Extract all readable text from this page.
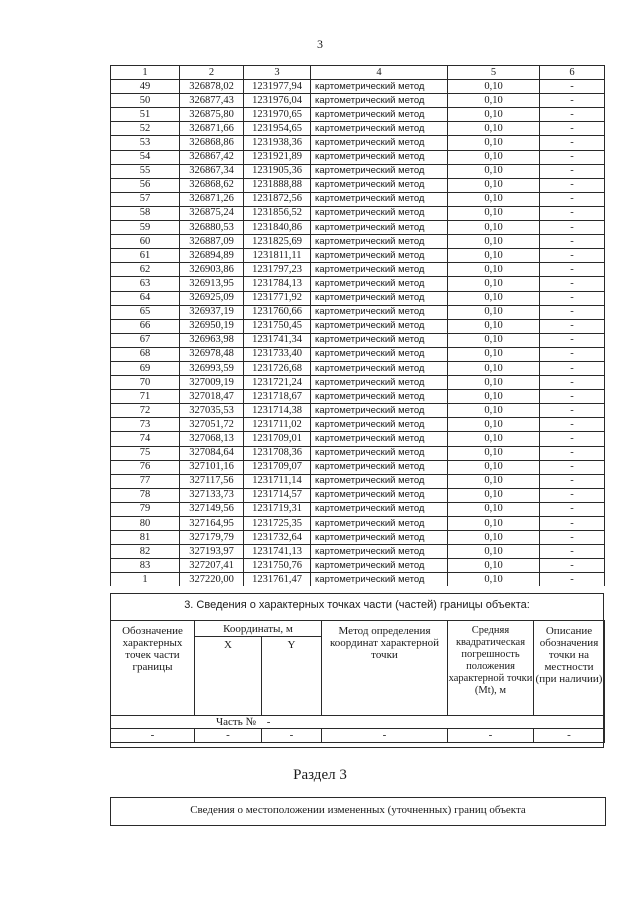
3
1	2	3	4	5	6
49	326878,02	1231977,94	картометрический метод	0,10	-
50	326877,43	1231976,04	картометрический метод	0,10	-
51	326875,80	1231970,65	картометрический метод	0,10	-
52	326871,66	1231954,65	картометрический метод	0,10	-
53	326868,86	1231938,36	картометрический метод	0,10	-
54	326867,42	1231921,89	картометрический метод	0,10	-
55	326867,34	1231905,36	картометрический метод	0,10	-
56	326868,62	1231888,88	картометрический метод	0,10	-
57	326871,26	1231872,56	картометрический метод	0,10	-
58	326875,24	1231856,52	картометрический метод	0,10	-
59	326880,53	1231840,86	картометрический метод	0,10	-
60	326887,09	1231825,69	картометрический метод	0,10	-
61	326894,89	1231811,11	картометрический метод	0,10	-
62	326903,86	1231797,23	картометрический метод	0,10	-
63	326913,95	1231784,13	картометрический метод	0,10	-
64	326925,09	1231771,92	картометрический метод	0,10	-
65	326937,19	1231760,66	картометрический метод	0,10	-
66	326950,19	1231750,45	картометрический метод	0,10	-
67	326963,98	1231741,34	картометрический метод	0,10	-
68	326978,48	1231733,40	картометрический метод	0,10	-
69	326993,59	1231726,68	картометрический метод	0,10	-
70	327009,19	1231721,24	картометрический метод	0,10	-
71	327018,47	1231718,67	картометрический метод	0,10	-
72	327035,53	1231714,38	картометрический метод	0,10	-
73	327051,72	1231711,02	картометрический метод	0,10	-
74	327068,13	1231709,01	картометрический метод	0,10	-
75	327084,64	1231708,36	картометрический метод	0,10	-
76	327101,16	1231709,07	картометрический метод	0,10	-
77	327117,56	1231711,14	картометрический метод	0,10	-
78	327133,73	1231714,57	картометрический метод	0,10	-
79	327149,56	1231719,31	картометрический метод	0,10	-
80	327164,95	1231725,35	картометрический метод	0,10	-
81	327179,79	1231732,64	картометрический метод	0,10	-
82	327193,97	1231741,13	картометрический метод	0,10	-
83	327207,41	1231750,76	картометрический метод	0,10	-
1	327220,00	1231761,47	картометрический метод	0,10	-
3. Сведения о характерных точках части (частей) границы объекта:
Обозначение характерных точек части границы	Координаты, м		Метод определения координат характерной точки	Средняя квадратическая погрешность положения характерной точки (Mt), м	Описание обозначения точки на местности (при наличии)
	X	Y			
Часть № -					
-	-	-	-	-	-
Раздел 3
Сведения о местоположении измененных (уточненных) границ объекта
